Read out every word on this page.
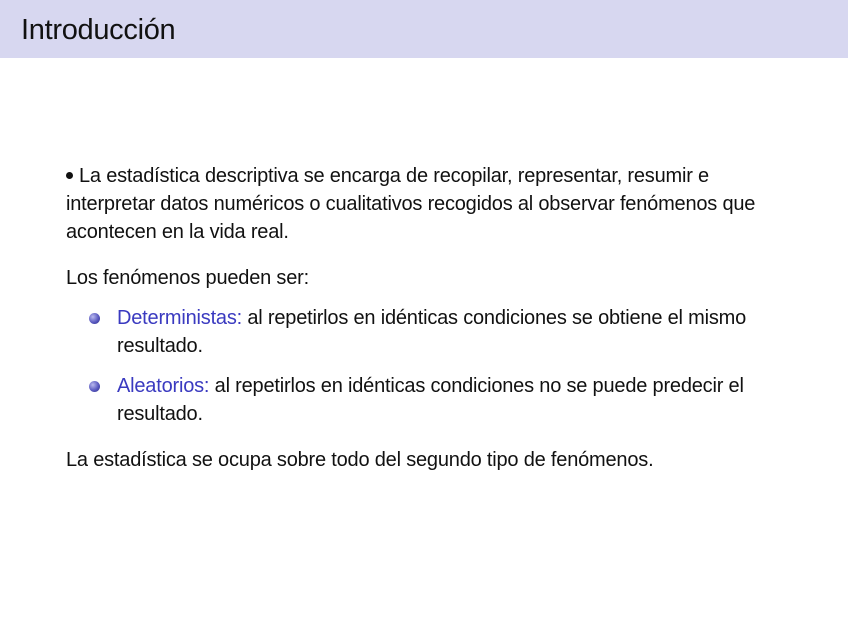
Introducción

La estadística descriptiva se encarga de recopilar, representar, resumir e interpretar datos numéricos o cualitativos recogidos al observar fenómenos que acontecen en la vida real.

Los fenómenos pueden ser:

Deterministas: al repetirlos en idénticas condiciones se obtiene el mismo resultado.
Aleatorios: al repetirlos en idénticas condiciones no se puede predecir el resultado.

La estadística se ocupa sobre todo del segundo tipo de fenómenos.
